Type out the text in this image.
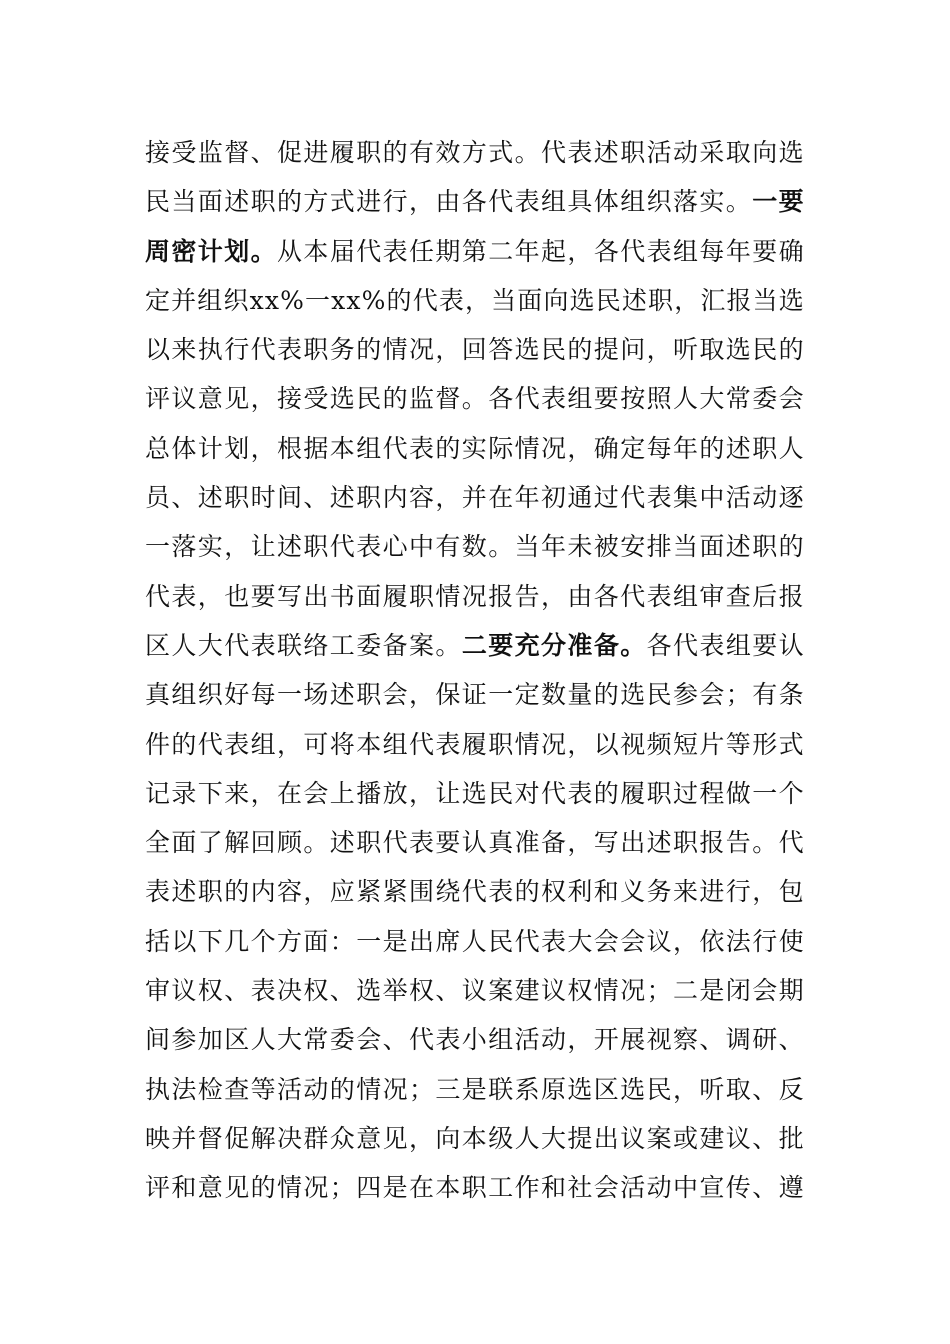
接受监督、促进履职的有效方式。代表述职活动采取向选
民当面述职的方式进行，由各代表组具体组织落实。一要
周密计划。从本届代表任期第二年起，各代表组每年要确
定并组织xx%一xx%的代表，当面向选民述职，汇报当选
以来执行代表职务的情况，回答选民的提问，听取选民的
评议意见，接受选民的监督。各代表组要按照人大常委会
总体计划，根据本组代表的实际情况，确定每年的述职人
员、述职时间、述职内容，并在年初通过代表集中活动逐
一落实，让述职代表心中有数。当年未被安排当面述职的
代表，也要写出书面履职情况报告，由各代表组审查后报
区人大代表联络工委备案。二要充分准备。各代表组要认
真组织好每一场述职会，保证一定数量的选民参会；有条
件的代表组，可将本组代表履职情况，以视频短片等形式
记录下来，在会上播放，让选民对代表的履职过程做一个
全面了解回顾。述职代表要认真准备，写出述职报告。代
表述职的内容，应紧紧围绕代表的权利和义务来进行，包
括以下几个方面：一是出席人民代表大会会议，依法行使
审议权、表决权、选举权、议案建议权情况；二是闭会期
间参加区人大常委会、代表小组活动，开展视察、调研、
执法检查等活动的情况；三是联系原选区选民，听取、反
映并督促解决群众意见，向本级人大提出议案或建议、批
评和意见的情况；四是在本职工作和社会活动中宣传、遵
